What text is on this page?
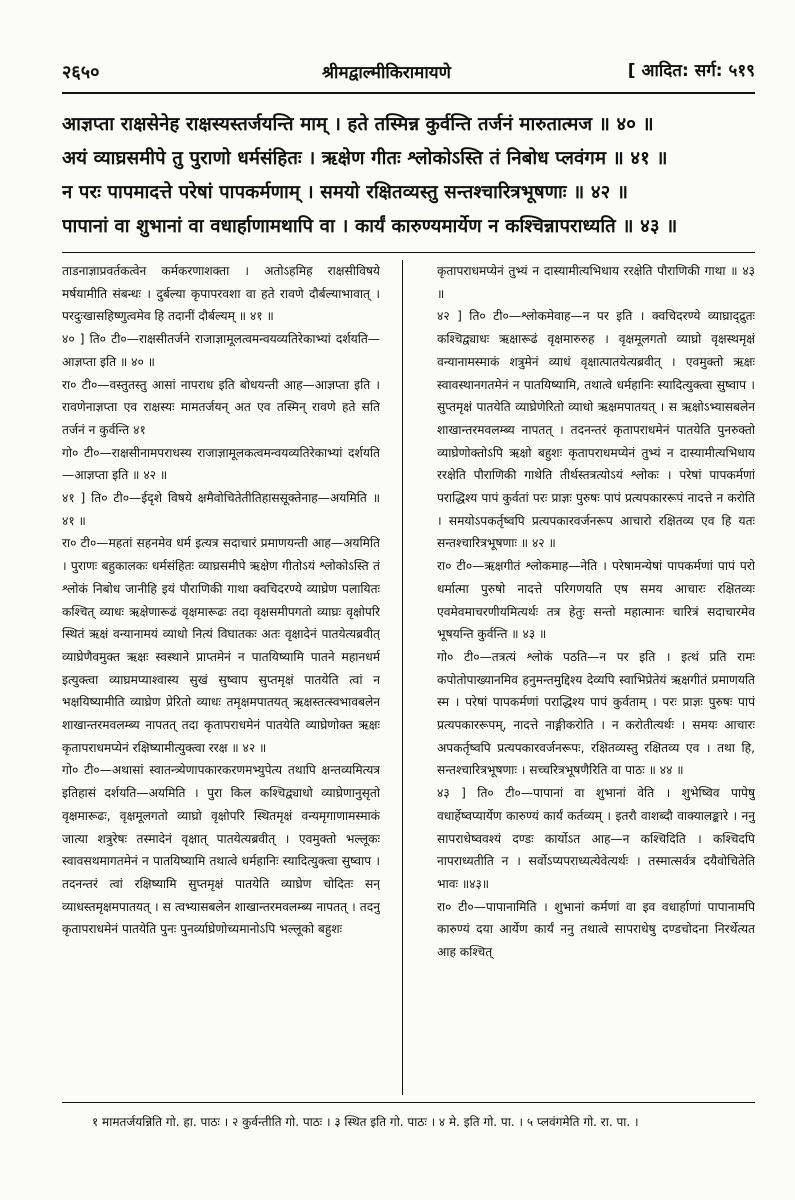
२६५०	श्रीमद्वाल्मीकिरामायणे	[ आदित: सर्ग: ५१९
आज्ञप्ता राक्षसेनेह राक्षस्यस्तर्जयन्ति माम् । हते तस्मिन्न कुर्वन्ति तर्जनं मारुतात्मज ॥ ४० ॥
अयं व्याघ्रसमीपे तु पुराणो धर्मसंहितः । ऋक्षेण गीतः श्लोकोऽस्ति तं निबोध प्लवंगम ॥ ४१ ॥
न परः पापमादत्ते परेषां पापकर्मणाम् । समयो रक्षितव्यस्तु सन्तश्चारित्रभूषणाः ॥ ४२ ॥
पापानां वा शुभानां वा वधार्हाणामथापि वा । कार्यं कारुण्यमार्येण न कश्चिन्नापराध्यति ॥ ४३ ॥

ताडनाज्ञाप्रवर्तकत्वेन कर्मकरणाशक्ता । अतोऽहमिह राक्षसीविषये मर्षयामीति संबन्धः । दुर्बल्या कृपापरवशा वा हते रावणे दौर्बल्याभावात् । परदुःखासहिष्णुत्वमेव हि तदानीं दौर्बल्यम् ॥ ४१ ॥

४० ] ति० टी०—राक्षसीतर्जने राजाज्ञामूलत्वमन्वयव्यतिरेकाभ्यां दर्शयति—आज्ञप्ता इति ॥ ४० ॥

रा० टी०—वस्तुतस्तु आसां नापराध इति बोधयन्ती आह—आज्ञप्ता इति । रावणेनाज्ञप्ता एव राक्षस्यः मामतर्जयन् अत एव तस्मिन् रावणे हते सति तर्जनं न कुर्वन्ति ४१

गो० टी०—राक्षसीनामपराधस्य राजाज्ञामूलकत्वमन्वयव्यतिरेकाभ्यां दर्शयति—आज्ञप्ता इति ॥ ४२ ॥

४१ ] ति० टी०—ईदृशे विषये क्षमैवोचितेतीतिहाससूक्तेनाह—अयमिति ॥ ४१ ॥

रा० टी०—महतां सहनमेव धर्म इत्यत्र सदाचारं प्रमाणयन्ती आह—अयमिति । पुराणः बहुकालकः धर्मसंहितः व्याघ्रसमीपे ऋक्षेण गीतोऽयं श्लोकोऽस्ति तं श्लोकं निबोध जानीहि इयं पौराणिकी गाथा क्वचिदरण्ये व्याघ्रेण पलायितः कश्चित् व्याधः ऋक्षेणारूढं वृक्षमारूढः तदा वृक्षसमीपगतो व्याघ्रः वृक्षोपरि स्थितं ऋक्षं वन्यानामयं व्याधो नित्यं विघातकः अतः वृक्षादेनं पातयेत्यब्रवीत् व्याघ्रेणैवमुक्त ऋक्षः स्वस्थाने प्राप्तमेनं न पातयिष्यामि पातने महानधर्म इत्युक्त्वा व्याघ्रमप्याश्वास्य सुखं सुष्वाप सुप्तमृक्षं पातयेति त्वां न भक्षयिष्यामीति व्याघ्रेण प्रेरितो व्याधः तमृक्षमपातयत् ऋक्षस्तत्स्वभावबलेन शाखान्तरमवलम्ब्य नापतत् तदा कृतापराधमेनं पातयेति व्याघ्रेणोक्त ऋक्षः कृतापराधमप्येनं रक्षिष्यामीत्युक्त्वा ररक्ष ॥ ४२ ॥

गो० टी०—अथासां स्वातन्त्र्येणापकारकरणमभ्युपेत्य तथापि क्षन्तव्यमित्यत्र इतिहासं दर्शयति—अयमिति । पुरा किल कश्चिद्व्याधो व्याघ्रेणानुसृतो वृक्षमारूढः, वृक्षमूलगतो व्याघ्रो वृक्षोपरि स्थितमृक्षं वन्यमृगाणामस्माकं जात्या शत्रुरेषः तस्मादेनं वृक्षात् पातयेत्यब्रवीत् । एवमुक्तो भल्लूकः स्वावसथमागतमेनं न पातयिष्यामि तथात्वे धर्महानिः स्यादित्युक्त्वा सुष्वाप । तदनन्तरं त्वां रक्षिष्यामि सुप्तमृक्षं पातयेति व्याघ्रेण चोदितः सन् व्याधस्तमृक्षमपातयत् । स त्वभ्यासबलेन शाखान्तरमवलम्ब्य नापतत् । तदनु कृतापराधमेनं पातयेति पुनः पुनर्व्याघ्रेणोच्यमानोऽपि भल्लूको बहुशः

कृतापराधमप्येनं तुभ्यं न दास्यामीत्यभिधाय ररक्षेति पौराणिकी गाथा ॥ ४३ ॥

४२ ] ति० टी०—श्लोकमेवाह—न पर इति । क्वचिदरण्ये व्याघ्राद्द्रुतः कश्चिद्व्याधः ऋक्षारूढं वृक्षमारुरुह । वृक्षमूलगतो व्याघ्रो वृक्षस्थमृक्षं वन्यानामस्माकं शत्रुमेनं व्याधं वृक्षात्पातयेत्यब्रवीत् । एवमुक्तो ऋक्षः स्वावस्थानगतमेनं न पातयिष्यामि, तथात्वे धर्महानिः स्यादित्युक्त्वा सुष्वाप । सुप्तमृक्षं पातयेति व्याघ्रेणेरितो व्याधो ऋक्षमपातयत् । स ऋक्षोऽभ्यासबलेन शाखान्तरमवलम्ब्य नापतत् । तदनन्तरं कृतापराधमेनं पातयेति पुनरुक्तो व्याघ्रेणोक्तोऽपि ऋक्षो बहुशः कृतापराधमप्येनं तुभ्यं न दास्यामीत्यभिधाय ररक्षेति पौराणिकी गाथेति तीर्थस्तत्रत्योऽयं श्लोकः । परेषां पापकर्मणां पराद्धिश्य पापं कुर्वतां परः प्राज्ञः पुरुषः पापं प्रत्यपकाररूपं नादत्ते न करोति । समयोऽपकर्तृष्वपि प्रत्यपकारवर्जनरूप आचारो रक्षितव्य एव हि यतः सन्तश्चारित्रभूषणाः ॥ ४२ ॥

रा० टी०—ऋक्षगीतं श्लोकमाह—नेति । परेषामन्येषां पापकर्मणां पापं परो धर्मात्मा पुरुषो नादत्ते परिगणयति एष समय आचारः रक्षितव्यः एवमेवमाचरणीयमित्यर्थः तत्र हेतुः सन्तो महात्मानः चारित्रं सदाचारमेव भूषयन्ति कुर्वन्ति ॥ ४३ ॥

गो० टी०—तत्रत्यं श्लोकं पठति—न पर इति । इत्थं प्रति रामः कपोतोपाख्यानमिव हनुमन्तमुद्दिश्य देव्यपि स्वाभिप्रेतेयं ऋक्षगीतं प्रमाणयति स्म । परेषां पापकर्मणां पराद्धिश्य पापं कुर्वताम् । परः प्राज्ञः पुरुषः पापं प्रत्यपकाररूपम्, नादत्ते नाङ्गीकरोति । न करोतीत्यर्थः । समयः आचारः अपकर्तृष्वपि प्रत्यपकारवर्जनरूपः, रक्षितव्यस्तु रक्षितव्य एव । तथा हि, सन्तश्चारित्रभूषणाः । सच्चरित्रभूषणैरिति वा पाठः ॥ ४४ ॥

४३ ] ति० टी०—पापानां वा शुभानां वेति । शुभेष्विव पापेषु वधार्हेष्वप्यार्येण कारुण्यं कार्यं कर्तव्यम् । इतरौ वाशब्दौ वाक्यालङ्कारे । ननु सापराधेष्ववश्यं दण्डः कार्योऽत आह—न कश्चिदिति । कश्चिदपि नापराध्यतीति न । सर्वोऽप्यपराध्यत्येवेत्यर्थः । तस्मात्सर्वत्र दयैवोचितेति भावः ॥४३॥

रा० टी०—पापानामिति । शुभानां कर्मणां वा इव वधार्हाणां पापानामपि कारुण्यं दया आर्येण कार्यं ननु तथात्वे सापराधेषु दण्डचोदना निरर्थेत्यत आह कश्चित्

१ मामतर्जयन्निति गो. हा. पाठः । २ कुर्वन्तीति गो. पाठः । ३ स्थित इति गो. पाठः । ४ मे. इति गो. पा. । ५ प्लवंगमेति गो. रा. पा. ।
